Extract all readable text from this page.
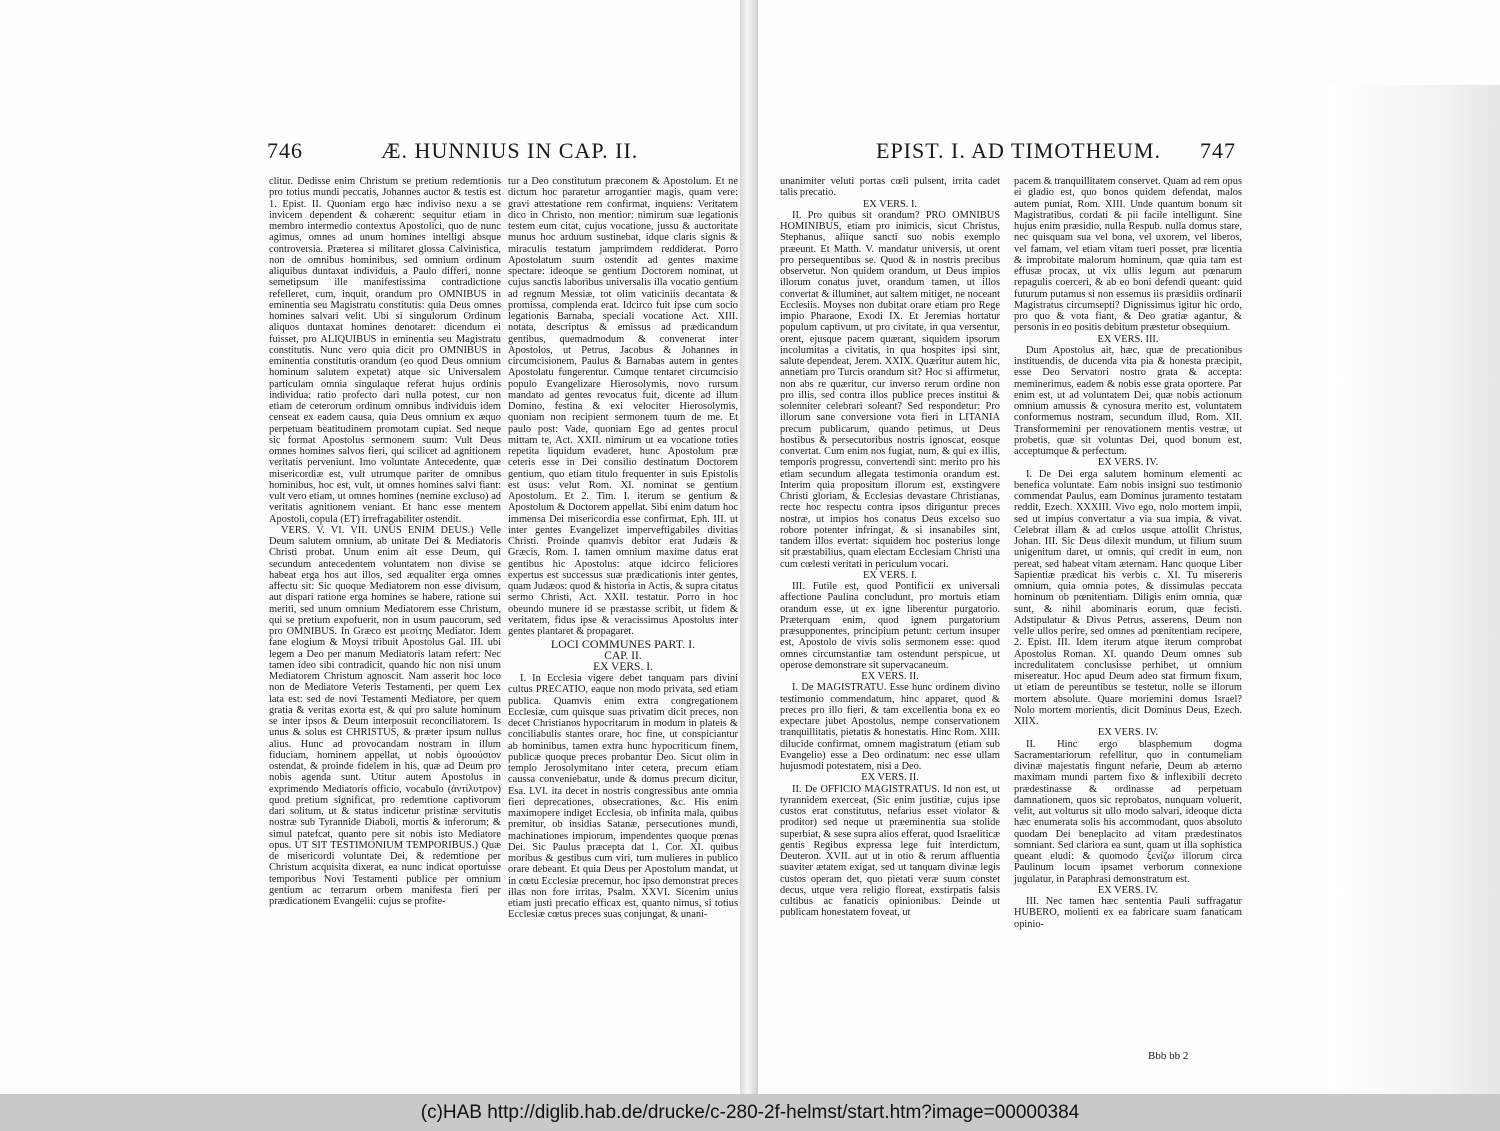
746	Æ. HUNNIUS IN CAP. II.

clitur. Dedisse enim Christum se pretium redemtionis pro totius mundi peccatis, Johannes auctor & testis est 1. Epist. II. Quoniam ergo hæc indiviso nexu a se invicem dependent & cohærent: sequitur etiam in membro intermedio contextus Apostolici, quo de nunc agimus, omnes ad unum homines intelligi absque controversia. Præterea si militaret glossa Calvinistica, non de omnibus hominibus, sed omnium ordinum aliquibus duntaxat individuis, a Paulo differi, nonne semetipsum ille manifestissima contradictione refelleret, cum, inquit, orandum pro OMNIBUS in eminentia seu Magistratu constitutis: quia Deus omnes homines salvari velit. Ubi si singulorum Ordinum aliquos duntaxat homines denotaret: dicendum ei fuisset, pro ALIQUIBUS in eminentia seu Magistratu constitutis. Nunc vero quia dicit pro OMNIBUS in eminentia constitutis orandum (eo quod Deus omnium hominum salutem expetat) atque sic Universalem particulam omnia singulaque referat hujus ordinis individua: ratio profecto dari nulla potest, cur non etiam de ceterorum ordinum omnibus individuis idem censeat ex eadem causa, quia Deus omnium ex æquo perpetuam beatitudinem promotam cupiat. Sed neque sic format Apostolus sermonem suum: Vult Deus omnes homines salvos fieri, qui scilicet ad agnitionem veritatis perveniunt. Imo voluntate Antecedente, quæ misericordiæ est, vult utrumque pariter de omnibus hominibus, hoc est, vult, ut omnes homines salvi fiant: vult vero etiam, ut omnes homines (nemine excluso) ad veritatis agnitionem veniant. Et hanc esse mentem Apostoli, copula (ET) irrefragabiliter ostendit.

VERS. V. VI. VII. UNUS ENIM DEUS.) Velle Deum salutem omnium, ab unitate Dei & Mediatoris Christi probat. Unum enim ait esse Deum, qui secundum antecedentem voluntatem non divise se habeat erga hos aut illos, sed æqualiter erga omnes affectu sit: Sic quoque Mediatorem non esse divisum, aut dispari ratione erga homines se habere, ratione sui meriti, sed unum omnium Mediatorem esse Christum, qui se pretium expofuerit, non in usum paucorum, sed pro OMNIBUS. In Græco est μεσίτης Mediator. Idem fane elogium & Moysi tribuit Apostolus Gal. III. ubi legem a Deo per manum Mediatoris latam refert: Nec tamen ideo sibi contradicit, quando hic non nisi unum Mediatorem Christum agnoscit. Nam asserit hoc loco non de Mediatore Veteris Testamenti, per quem Lex lata est: sed de novi Testamenti Mediatore, per quem gratia & veritas exorta est, & qui pro salute hominum se inter ipsos & Deum interposuit reconciliatorem. Is unus & solus est CHRISTUS, & præter ipsum nullus alius. Hunc ad provocandam nostram in illum fiduciam, hominem appellat, ut nobis ὁμοούσιον ostendat, & proinde fidelem in his, quæ ad Deum pro nobis agenda sunt. Utitur autem Apostolus in exprimendo Mediatoris officio, vocabulo (ἀντίλυτρον) quod pretium significat, pro redemtione captivorum dari solitum, ut & status indicetur pristinæ servitutis nostræ sub Tyrannide Diaboli, mortis & inferorum; & simul patefcat, quanto pere sit nobis isto Mediatore opus. UT SIT TESTIMONIUM TEMPORIBUS.) Quæ de misericordi voluntate Dei, & redemtione per Christum acquisita dixerat, ea nunc indicat oportuisse temporibus Novi Testamenti publice per omnium gentium ac terrarum orbem manifesta fieri per prædicationem Evangelii: cujus se profite-

tur a Deo constitutum præconem & Apostolum. Et ne dictum hoc pararetur arrogantier magis, quam vere: gravi attestatione rem confirmat, inquiens: Veritatem dico in Christo, non mentior: nimirum suæ legationis testem eum citat, cujus vocatione, jussu & auctoritate munus hoc arduum sustinebat, idque claris signis & miraculis testatum jamprimdem reddiderat. Porro Apostolatum suum ostendit ad gentes maxime spectare: ideoque se gentium Doctorem nominat, ut cujus sanctis laboribus universalis illa vocatio gentium ad regnum Messiæ, tot olim vaticiniis decantata & promissa, complenda erat. Idcirco fuit ipse cum socio legationis Barnaba, speciali vocatione Act. XIII. notata, descriptus & emissus ad prædicandum gentibus, quemadmodum & convenerat inter Apostolos, ut Petrus, Jacobus & Johannes in circumcisionem, Paulus & Barnabas autem in gentes Apostolatu fungerentur. Cumque tentaret circumcisio populo Evangelizare Hierosolymis, novo rursum mandato ad gentes revocatus fuit, dicente ad illum Domino, festina & exi velociter Hierosolymis, quoniam non recipient sermonem tuum de me. Et paulo post: Vade, quoniam Ego ad gentes procul mittam te, Act. XXII. nimirum ut ea vocatione toties repetita liquidum evaderet, hunc Apostolum præ ceteris esse in Dei consilio destinatum Doctorem gentium, quo etiam titulo frequenter in suis Epistolis est usus: velut Rom. XI. nominat se gentium Apostolum. Et 2. Tim. I. iterum se gentium & Apostolum & Doctorem appellat. Sibi enim datum hoc immensa Dei misericordia esse confirmat, Eph. III. ut inter gentes Evangelizet imperveftigabiles divitias Christi. Proinde quamvis debitor erat Judæis & Græcis, Rom. I. tamen omnium maxime datus erat gentibus hic Apostolus: atque idcirco feliciores expertus est successus suæ prædicationis inter gentes, quam Judæos: quod & historia in Actis, & supra citatus sermo Christi, Act. XXII. testatur. Porro in hoc obeundo munere id se præstasse scribit, ut fidem & veritatem, fidus ipse & veracissimus Apostolus inter gentes plantaret & propagaret.

LOCI COMMUNES PART. I.

CAP. II.

EX VERS. I.

I. In Ecclesia vigere debet tanquam pars divini cultus PRECATIO, eaque non modo privata, sed etiam publica. Quamvis enim extra congregationem Ecclesiæ, cum quisque suas privatim dicit preces, non decet Christianos hypocritarum in modum in plateis & conciliabulis stantes orare, hoc fine, ut conspiciantur ab hominibus, tamen extra hunc hypocriticum finem, publicæ quoque preces probantur Deo. Sicut olim in templo Jerosolymitano inter cetera, precum etiam caussa conveniebatur, unde & domus precum dicitur, Esa. LVI. ita decet in nostris congressibus ante omnia fieri deprecationes, obsecrationes, &c. His enim maximopere indiget Ecclesia, ob infinita mala, quibus premitur, ob insidias Satanæ, persecutiones mundi, machinationes impiorum, impendentes quoque pœnas Dei. Sic Paulus præcepta dat 1. Cor. XI. quibus moribus & gestibus cum viri, tum mulieres in publico orare debeant. Et quia Deus per Apostolum mandat, ut in cœtu Ecclesiæ precemur, hoc ipso demonstrat preces illas non fore irritas, Psalm. XXVI. Sicenim unius etiam justi precatio efficax est, quanto nimus, si totius Ecclesiæ cœtus preces suas conjungat, & unani-

EPIST. I. AD TIMOTHEUM. 747

unanimiter veluti portas cœli pulsent, irrita cadet talis precatio.

EX VERS. I.

II. Pro quibus sit orandum? PRO OMNIBUS HOMINIBUS, etiam pro inimicis, sicut Christus, Stephanus, aliique sancti suo nobis exemplo præeunt. Et Matth. V. mandatur universis, ut orent pro persequentibus se. Quod & in nostris precibus observetur. Non quidem orandum, ut Deus impios illorum conatus juvet, orandum tamen, ut illos convertat & illuminet, aut saltem mitiget, ne noceant Ecclesiis. Moyses non dubitat orare etiam pro Rege impio Pharaone, Exodi IX. Et Jeremias hortatur populum captivum, ut pro civitate, in qua versentur, orent, ejusque pacem quærant, siquidem ipsorum incolumitas a civitatis, in qua hospites ipsi sint, salute dependeat, Jerem. XXIX. Quæritur autem hic, annetiam pro Turcis orandum sit? Hoc si affirmetur, non abs re quæritur, cur inverso rerum ordine non pro illis, sed contra illos publice preces institui & solenniter celebrari soleant? Sed respondetur: Pro illorum sane conversione vota fieri in LITANIA precum publicarum, quando petimus, ut Deus hostibus & persecutoribus nostris ignoscat, eosque convertat. Cum enim nos fugiat, num, & qui ex illis, temporis progressu, convertendi sint: merito pro his etiam secundum allegata testimonia orandum est. Interim quia propositum illorum est, exstingvere Christi gloriam, & Ecclesias devastare Christianas, recte hoc respectu contra ipsos diriguntur preces nostræ, ut impios hos conatus Deus excelso suo robore potenter infringat, & si insanabiles sint, tandem illos evertat: siquidem hoc posterius longe sit præstabilius, quam electam Ecclesiam Christi una cum cœlesti veritati in periculum vocari.

EX VERS. I.

III. Futile est, quod Pontificii ex universali affectione Paulina concludunt, pro mortuis etiam orandum esse, ut ex igne liberentur purgatorio. Præterquam enim, quod ignem purgatorium præsupponentes, principium petunt: certum insuper est, Apostolo de vivis solis sermonem esse: quod omnes circumstantiæ tam ostendunt perspicue, ut operose demonstrare sit supervacaneum.

EX VERS. II.

I. De MAGISTRATU. Esse hunc ordinem divino testimonio commendatum, hinc apparet, quod & preces pro illo fieri, & tam excellentia bona ex eo expectare jubet Apostolus, nempe conservationem tranquillitatis, pietatis & honestatis. Hinc Rom. XIII. dilucide confirmat, omnem magistratum (etiam sub Evangelio) esse a Deo ordinatum: nec esse ullam hujusmodi potestatem, nisi a Deo.

EX VERS. II.

II. De OFFICIO MAGISTRATUS. Id non est, ut tyrannidem exerceat, (Sic enim justitiæ, cujus ipse custos erat constitutus, nefarius esset violator & proditor) sed neque ut præeminentia sua stolide superbiat, & sese supra alios efferat, quod Israeliticæ gentis Regibus expressa lege fuit interdictum, Deuteron. XVII. aut ut in otio & rerum affluentia suaviter ætatem exigat, sed ut tanquam divinæ legis custos operam det, quo pietati veræ suum constet decus, utque vera religio floreat, exstirpatis falsis cultibus ac fanaticis opinionibus. Deinde ut publicam honestatem foveat, ut

pacem & tranquillitatem conservet. Quam ad rem opus ei gladio est, quo bonos quidem defendat, malos autem puniat, Rom. XIII. Unde quantum bonum sit Magistratibus, cordati & pii facile intelligunt. Sine hujus enim præsidio, nulla Respub. nulla domus stare, nec quisquam sua vel bona, vel uxorem, vel liberos, vel famam, vel etiam vitam tueri posset, præ licentia & improbitate malorum hominum, quæ quia tam est effusæ procax, ut vix ullis legum aut pœnarum repagulis coerceri, & ab eo boni defendi queant: quid futurum putamus si non essemus iis præsidiis ordinarii Magistratus circumsepti? Dignissimus igitur hic ordo, pro quo & vota fiant, & Deo gratiæ agantur, & personis in eo positis debitum præstetur obsequium.

EX VERS. III.

Dum Apostolus ait, hæc, quæ de precationibus instituendis, de ducenda vita pia & honesta præcipit, esse Deo Servatori nostro grata & accepta: meminerimus, eadem & nobis esse grata oportere. Par enim est, ut ad voluntatem Dei, quæ nobis actionum omnium amussis & cynosura merito est, voluntatem conformemus nostram, secundum illud, Rom. XII. Transformemini per renovationem mentis vestræ, ut probetis, quæ sit voluntas Dei, quod bonum est, acceptumque & perfectum.

EX VERS. IV.

I. De Dei erga salutem hominum elementi ac benefica voluntate. Eam nobis insigni suo testimonio commendat Paulus, eam Dominus juramento testatam reddit, Ezech. XXXIII. Vivo ego, nolo mortem impii, sed ut impius convertatur a via sua impia, & vivat. Celebrat illam & ad cœlos usque attollit Christus, Johan. III. Sic Deus dilexit mundum, ut filium suum unigenitum daret, ut omnis, qui credit in eum, non pereat, sed habeat vitam æternam. Hanc quoque Liber Sapientiæ prædicat his verbis c. XI. Tu misereris omnium, quia omnia potes, & dissimulas peccata hominum ob pœnitentiam. Diligis enim omnia, quæ sunt, & nihil abominaris eorum, quæ fecisti. Adstipulatur & Divus Petrus, asserens, Deum non velle ullos perire, sed omnes ad pœnitentiam recipere, 2. Epist. III. Idem iterum atque iterum comprobat Apostolus Roman. XI. quando Deum omnes sub incredulitatem conclusisse perhibet, ut omnium misereatur. Hoc apud Deum adeo stat firmum fixum, ut etiam de pereuntibus se testetur, nolle se illorum mortem absolute. Quare moriemini domus Israel? Nolo mortem morientis, dicit Dominus Deus, Ezech. XIIX.

EX VERS. IV.

II. Hinc ergo blasphemum dogma Sacramentariorum refellitur, quo in contumeliam divinæ majestatis fingunt nefarie, Deum ab æterno maximam mundi partem fixo & inflexibili decreto prædestinasse & ordinasse ad perpetuam damnationem, quos sic reprobatos, nunquam voluerit, velit, aut volturus sit ullo modo salvari, ideoque dicta hæc enumerata solis his accommodant, quos absoluto quodam Dei beneplacito ad vitam prædestinatos somniant. Sed clariora ea sunt, quam ut illa sophistica queant eludi: & quomodo ξενίζω illorum circa Paulinum locum ipsamet verborum connexione jugulatur, in Paraphrasi demonstratum est.

EX VERS. IV.

III. Nec tamen hæc sententia Pauli suffragatur HUBERO, molienti ex ea fabricare suam fanaticam opinio-

Bbb bb 2
(c)HAB http://diglib.hab.de/drucke/c-280-2f-helmst/start.htm?image=00000384
